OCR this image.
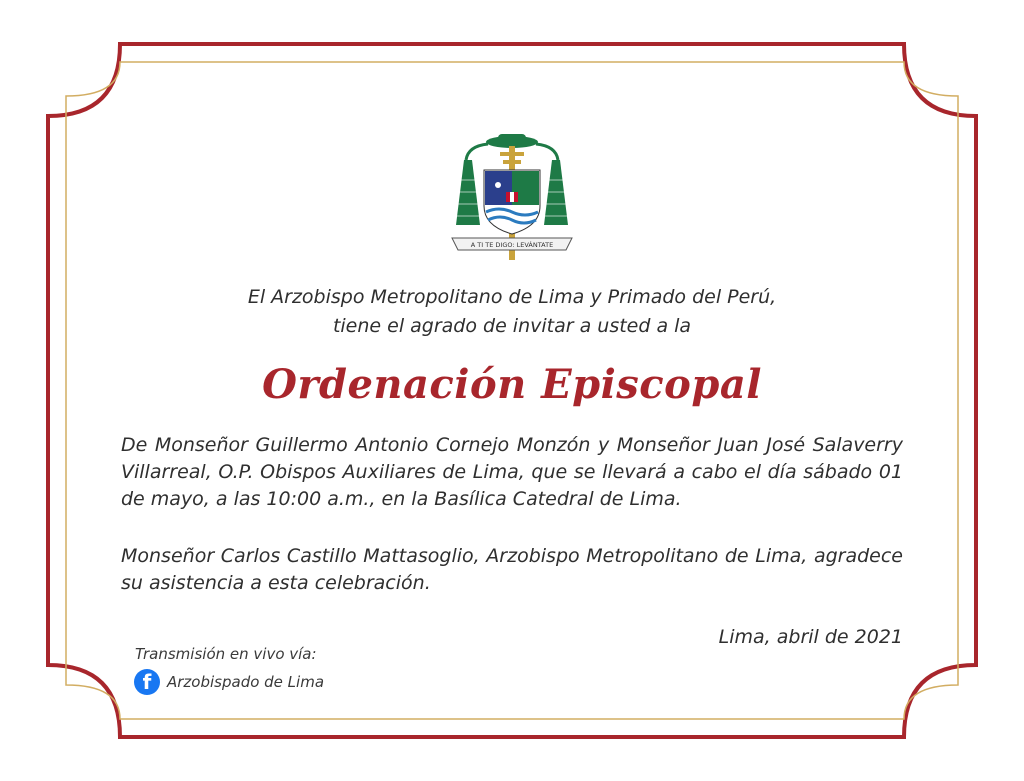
A TI TE DIGO: LEVÁNTATE
El Arzobispo Metropolitano de Lima y Primado del Perú,
tiene el agrado de invitar a usted a la
Ordenación Episcopal
De Monseñor Guillermo Antonio Cornejo Monzón y Monseñor Juan José Salaverry Villarreal, O.P. Obispos Auxiliares de Lima, que se llevará a cabo el día sábado 01 de mayo, a las 10:00 a.m., en la Basílica Catedral de Lima.
Monseñor Carlos Castillo Mattasoglio, Arzobispo Metropolitano de Lima, agradece su asistencia a esta celebración.
Lima, abril de 2021
Transmisión en vivo vía:
f	Arzobispado de Lima
